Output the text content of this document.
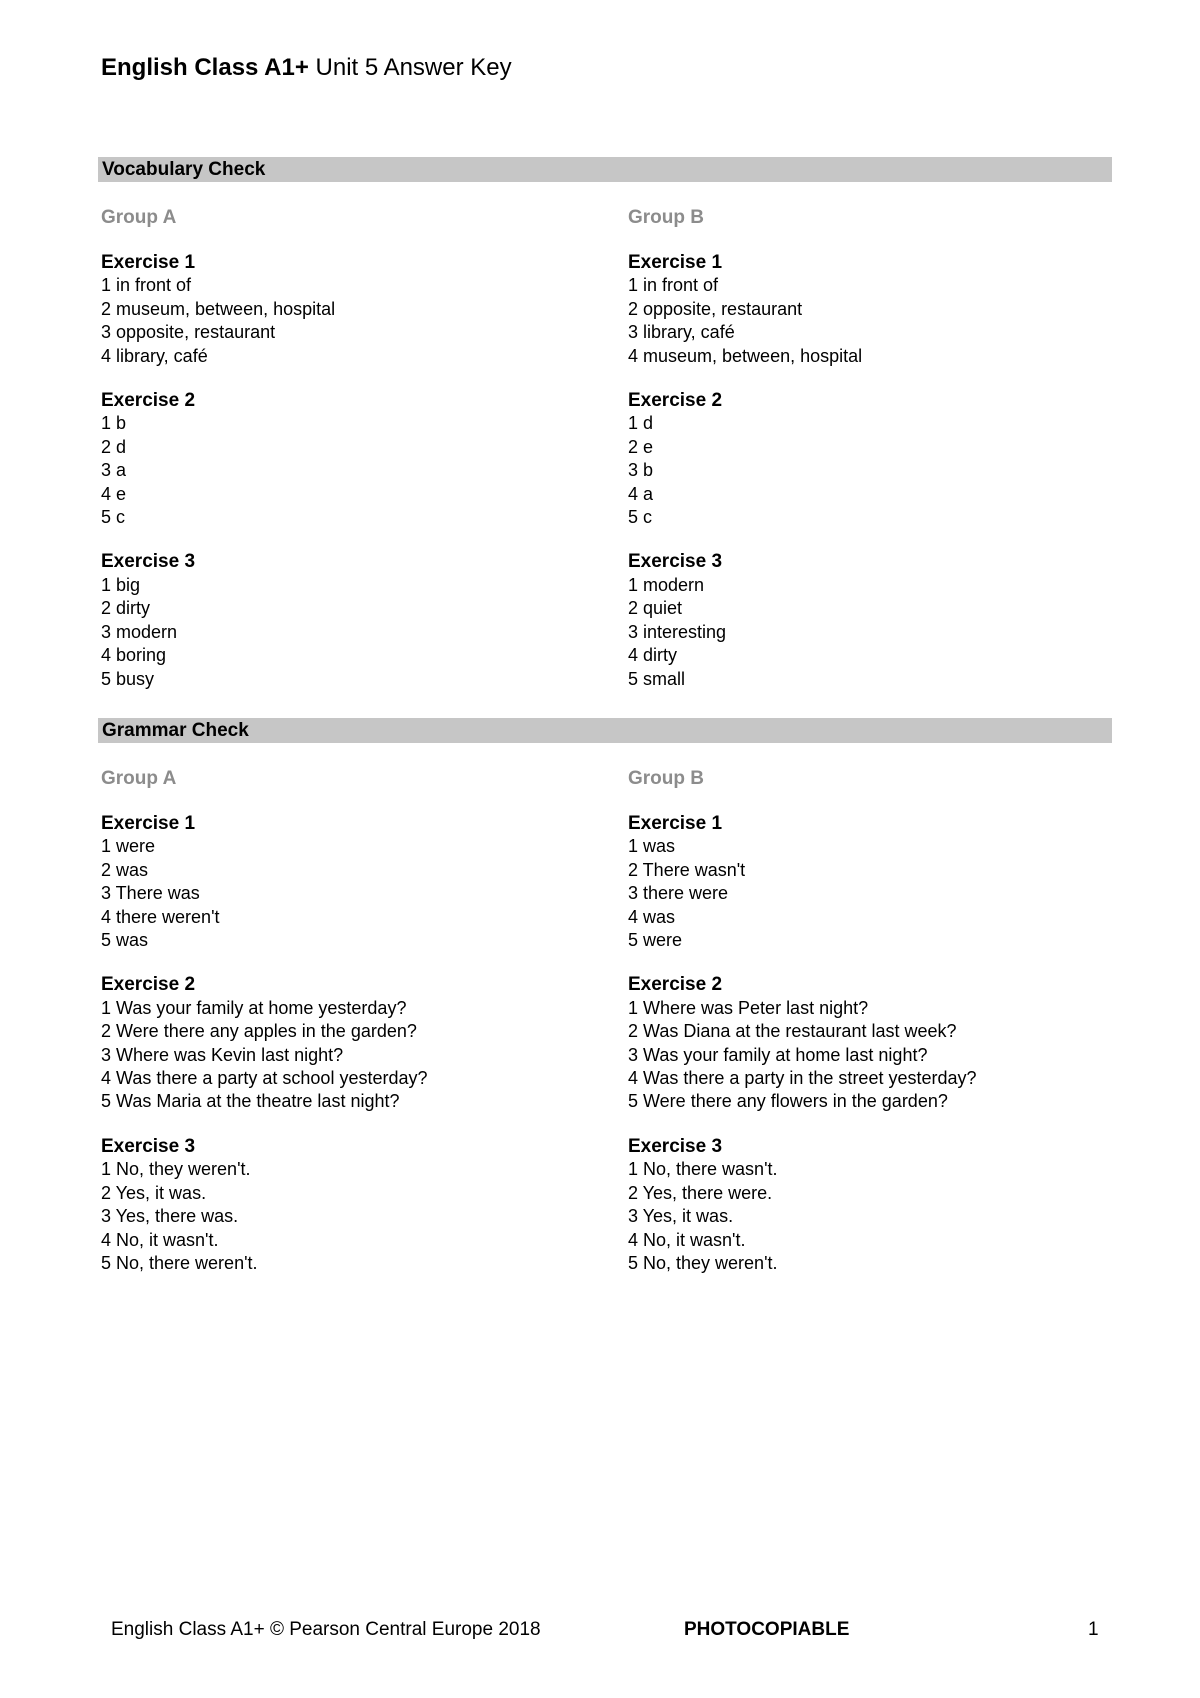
English Class A1+ Unit 5 Answer Key
Vocabulary Check
Group A
Exercise 1
1 in front of
2 museum, between, hospital
3 opposite, restaurant
4 library, café
Exercise 2
1 b
2 d
3 a
4 e
5 c
Exercise 3
1 big
2 dirty
3 modern
4 boring
5 busy
Group B
Exercise 1
1 in front of
2 opposite, restaurant
3 library, café
4 museum, between, hospital
Exercise 2
1 d
2 e
3 b
4 a
5 c
Exercise 3
1 modern
2 quiet
3 interesting
4 dirty
5 small
Grammar Check
Group A
Exercise 1
1 were
2 was
3 There was
4 there weren't
5 was
Exercise 2
1 Was your family at home yesterday?
2 Were there any apples in the garden?
3 Where was Kevin last night?
4 Was there a party at school yesterday?
5 Was Maria at the theatre last night?
Exercise 3
1 No, they weren't.
2 Yes, it was.
3 Yes, there was.
4 No, it wasn't.
5 No, there weren't.
Group B
Exercise 1
1 was
2 There wasn't
3 there were
4 was
5 were
Exercise 2
1 Where was Peter last night?
2 Was Diana at the restaurant last week?
3 Was your family at home last night?
4 Was there a party in the street yesterday?
5 Were there any flowers in the garden?
Exercise 3
1 No, there wasn't.
2 Yes, there were.
3 Yes, it was.
4 No, it wasn't.
5 No, they weren't.
English Class A1+ © Pearson Central Europe 2018	PHOTOCOPIABLE	1
